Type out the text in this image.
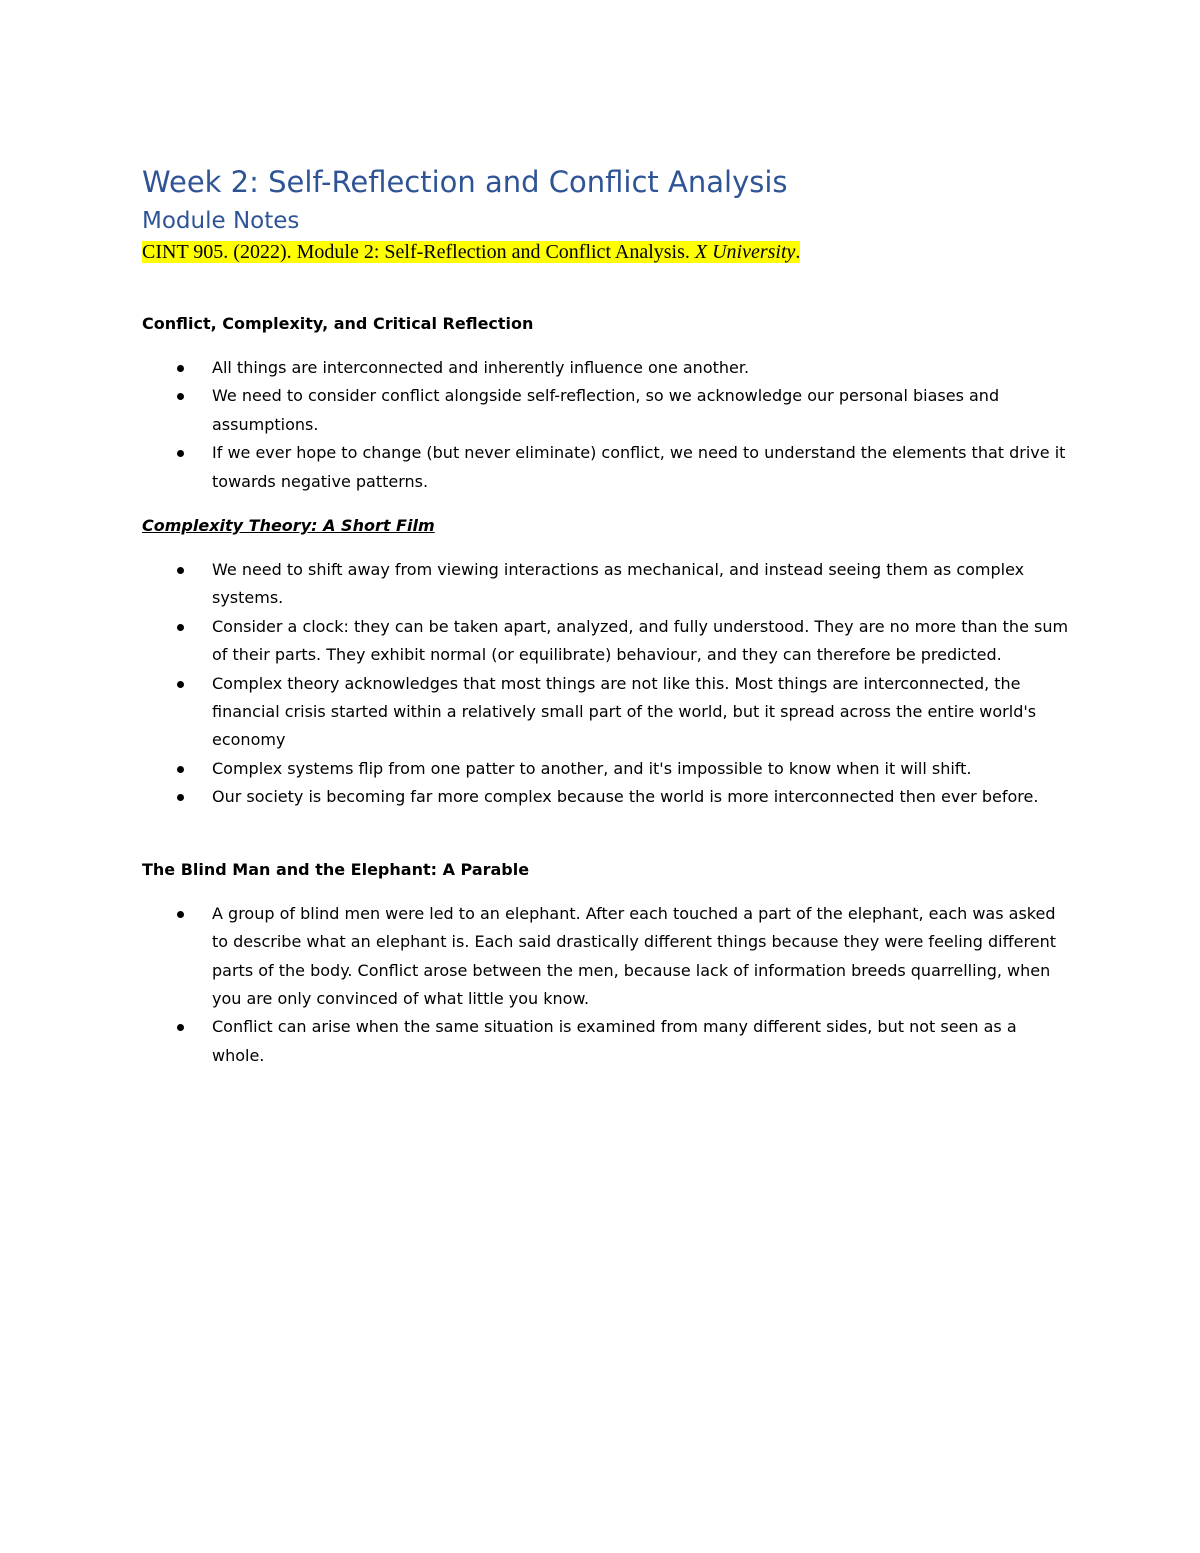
Week 2: Self-Reflection and Conflict Analysis
Module Notes

CINT 905. (2022). Module 2: Self-Reflection and Conflict Analysis. X University.

Conflict, Complexity, and Critical Reflection
All things are interconnected and inherently influence one another.
We need to consider conflict alongside self-reflection, so we acknowledge our personal biases and assumptions.
If we ever hope to change (but never eliminate) conflict, we need to understand the elements that drive it towards negative patterns.
Complexity Theory: A Short Film
We need to shift away from viewing interactions as mechanical, and instead seeing them as complex systems.
Consider a clock: they can be taken apart, analyzed, and fully understood. They are no more than the sum of their parts. They exhibit normal (or equilibrate) behaviour, and they can therefore be predicted.
Complex theory acknowledges that most things are not like this. Most things are interconnected, the financial crisis started within a relatively small part of the world, but it spread across the entire world's economy
Complex systems flip from one patter to another, and it's impossible to know when it will shift.
Our society is becoming far more complex because the world is more interconnected then ever before.
The Blind Man and the Elephant: A Parable
A group of blind men were led to an elephant. After each touched a part of the elephant, each was asked to describe what an elephant is. Each said drastically different things because they were feeling different parts of the body. Conflict arose between the men, because lack of information breeds quarrelling, when you are only convinced of what little you know.
Conflict can arise when the same situation is examined from many different sides, but not seen as a whole.
